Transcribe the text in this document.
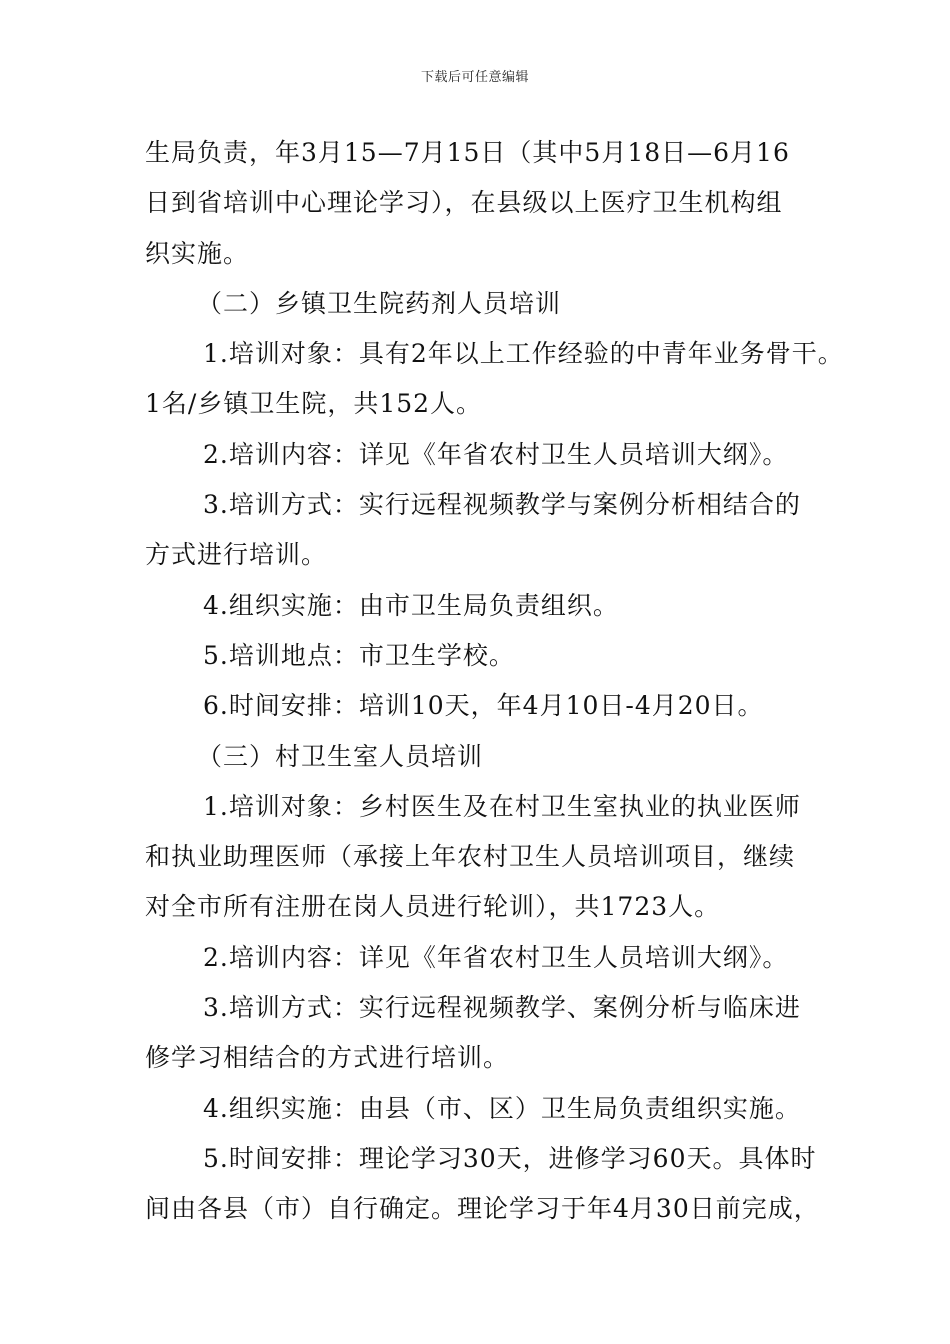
下载后可任意编辑
生局负责，年3月15—7月15日（其中5月18日—6月16
日到省培训中心理论学习），在县级以上医疗卫生机构组
织实施。
（二）乡镇卫生院药剂人员培训
1.培训对象：具有2年以上工作经验的中青年业务骨干。
1名/乡镇卫生院，共152人。
2.培训内容：详见《年省农村卫生人员培训大纲》。
3.培训方式：实行远程视频教学与案例分析相结合的
方式进行培训。
4.组织实施：由市卫生局负责组织。
5.培训地点：市卫生学校。
6.时间安排：培训10天，年4月10日-4月20日。
（三）村卫生室人员培训
1.培训对象：乡村医生及在村卫生室执业的执业医师
和执业助理医师（承接上年农村卫生人员培训项目，继续
对全市所有注册在岗人员进行轮训），共1723人。
2.培训内容：详见《年省农村卫生人员培训大纲》。
3.培训方式：实行远程视频教学、案例分析与临床进
修学习相结合的方式进行培训。
4.组织实施：由县（市、区）卫生局负责组织实施。
5.时间安排：理论学习30天，进修学习60天。具体时
间由各县（市）自行确定。理论学习于年4月30日前完成，
